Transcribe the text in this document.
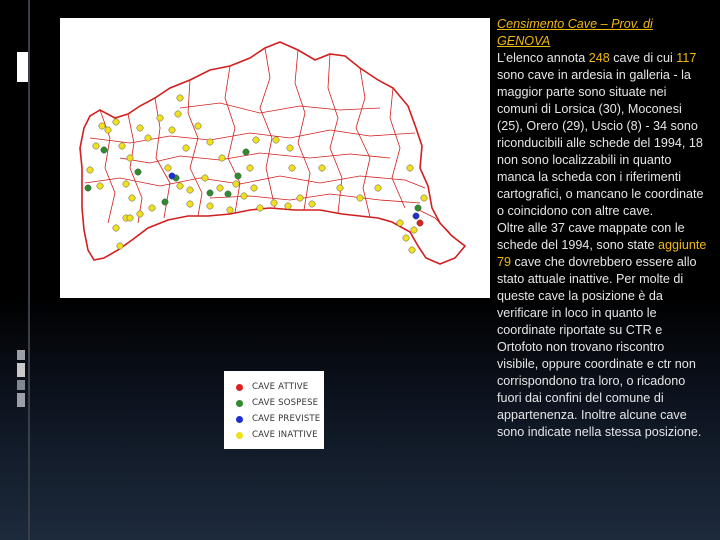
CAVE ATTIVE
CAVE SOSPESE
CAVE PREVISTE
CAVE INATTIVE
Censimento Cave – Prov. di GENOVA
L’elenco annota 248 cave di cui 117 sono cave in ardesia in galleria - la maggior parte sono situate nei comuni di Lorsica (30), Moconesi (25), Orero (29), Uscio (8) - 34 sono riconducibili alle schede del 1994, 18 non sono localizzabili in quanto manca la scheda con i riferimenti cartografici, o mancano le coordinate o coincidono con altre cave.
Oltre alle 37 cave mappate con le schede del 1994, sono state aggiunte 79 cave che dovrebbero essere allo stato attuale inattive. Per molte di queste cave la posizione è da verificare in loco in quanto le coordinate riportate su CTR e Ortofoto non trovano riscontro visibile, oppure coordinate e ctr non corrispondono tra loro, o ricadono fuori dai confini del comune di appartenenza. Inoltre alcune cave sono indicate nella stessa posizione.
